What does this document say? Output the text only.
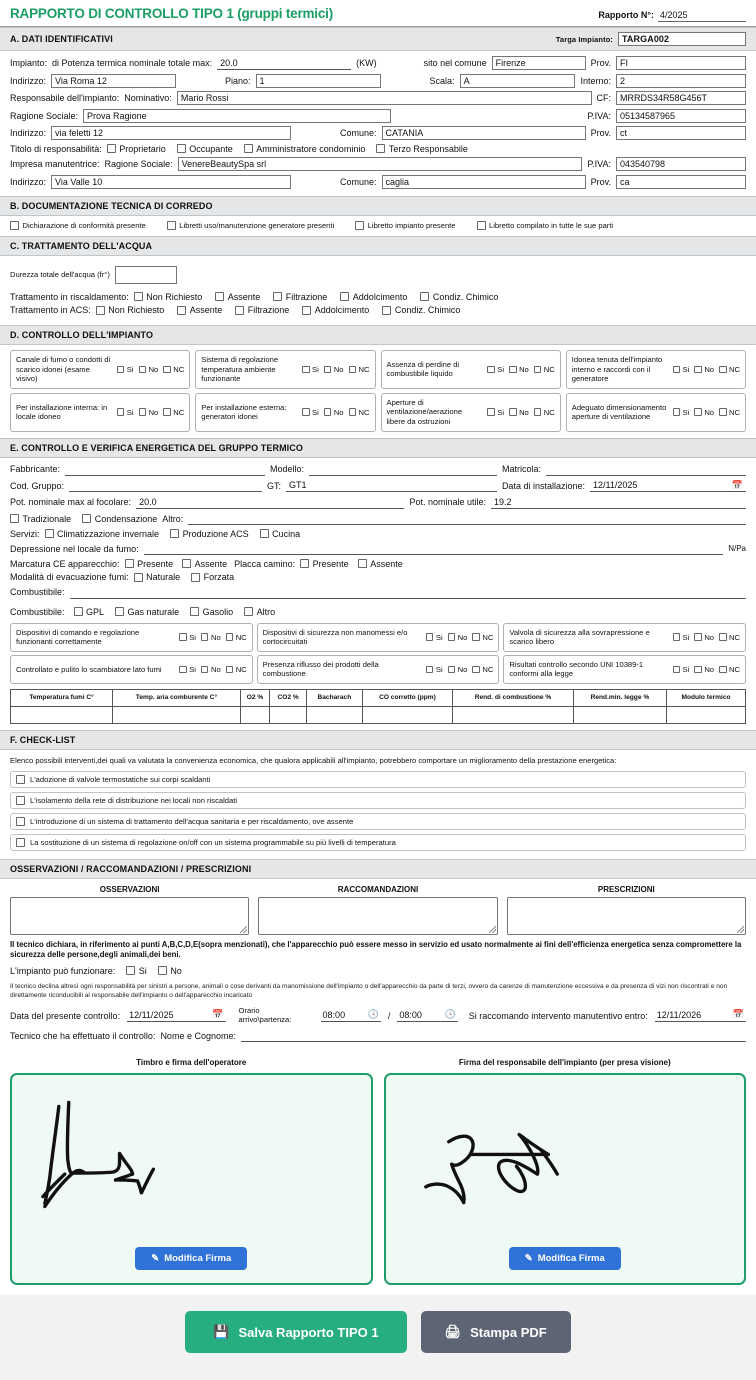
RAPPORTO DI CONTROLLO TIPO 1 (gruppi termici)	Rapporto N°: 4/2025
A. DATI IDENTIFICATIVI	Targa Impianto:	TARGA002
Impianto: di Potenza termica nominale totale max: 20.0	(KW)	sito nel comune	Firenze	Prov.	FI
Indirizzo:	Via Roma 12	Piano:	1	Scala:	A	Interno:	2
Responsabile dell'impianto: Nominativo:	Mario Rossi	CF:	MRRDS34R58G456T
Ragione Sociale:	Prova Ragione	P.IVA:	05134587965
Indirizzo:	via feletti 12	Comune:	CATANIA	Prov.	ct
Titolo di responsabilità: Proprietario	Occupante	Amministratore condominio	Terzo Responsabile
Impresa manutentrice: Ragione Sociale:	VenereBeautySpa srl	P.IVA:	043540798
Indirizzo:	Via Valle 10	Comune:	caglia	Prov.	ca
B. DOCUMENTAZIONE TECNICA DI CORREDO
Dichiarazione di conformità presente	Libretti uso/manutenzione generatore presenti	Libretto impianto presente	Libretto compilato in tutte le sue parti
C. TRATTAMENTO DELL'ACQUA
Durezza totale dell'acqua (fr°)
Trattamento in riscaldamento: Non Richiesto	Assente	Filtrazione	Addolcimento	Condiz. Chimico
Trattamento in ACS: Non Richiesto	Assente	Filtrazione	Addolcimento	Condiz. Chimico
D. CONTROLLO DELL'IMPIANTO
Canale di fumo o condotti di scarico idonei (esame visivo)
Si No NC
Sistema di regolazione temperatura ambiente funzionante
Si No NC
Assenza di perdine di combustibile liquido	Si No NC
Idonea tenuta dell'impianto interno e raccordi con il generatore
Si No NC
Per installazione interna: in locale idoneo	Si No NC
Per installazione esterna: generatori idonei	Si No NC
Aperture di ventilazione/aerazione libere da ostruzioni
Si No NC
Adeguato dimensionamento aperture di ventilazione	Si No NC
E. CONTROLLO E VERIFICA ENERGETICA DEL GRUPPO TERMICO
Fabbricante:	Modello:	Matricola:
Cod. Gruppo:	GT: GT1	Data di installazione: 12/11/2025	📅
Pot. nominale max al focolare: 20.0	Pot. nominale utile: 19.2
Tradizionale	Condensazione Altro:
Servizi: Climatizzazione invernale	Produzione ACS	Cucina
Depressione nel locale da fumo:	N/Pa
Marcatura CE apparecchio: Presente Assente Placca camino: Presente Assente
Modalità di evacuazione fumi: Naturale	Forzata
Combustibile:
Combustibile: GPL	Gas naturale	Gasolio	Altro
Dispositivi di comando e regolazione funzionanti correttamente	Si No NC
Dispositivi di sicurezza non manomessi e/o cortocircuitati	Si No NC
Valvola di sicurezza alla sovrapressione e scarico libero	Si No NC
Controllato e pulito lo scambiatore lato fumi	Si No NC
Presenza riflusso dei prodotti della combustione	Si No NC
Risultati controllo secondo UNI 10389-1 conformi alla legge	Si No NC
Temperatura fumi C°	Temp. aria comburente C°	O2 %	CO2 %	Bacharach	CO corretto (ppm)	Rend. di combustione %	Rend.min. legge %	Modulo termico

F. CHECK-LIST
Elenco possibili interventi,dei quali va valutata la convenienza economica, che qualora applicabili all'impianto, potrebbero comportare un miglioramento della prestazione energetica:
L'adozione di valvole termostatiche sui corpi scaldanti
L'isolamento della rete di distribuzione nei locali non riscaldati
L'introduzione di un sistema di trattamento dell'acqua sanitaria e per riscaldamento, ove assente
La sostituzione di un sistema di regolazione on/off con un sistema programmabile su più livelli di temperatura
OSSERVAZIONI / RACCOMANDAZIONI / PRESCRIZIONI
OSSERVAZIONI	RACCOMANDAZIONI	PRESCRIZIONI
Il tecnico dichiara, in riferimento ai punti A,B,C,D,E(sopra menzionati), che l'apparecchio può essere messo in servizio ed usato normalmente ai fini dell'efficienza energetica senza compromettere la sicurezza delle persone,degli animali,dei beni.
L'impianto può funzionare:	Si	No
Il tecnico declina altresì ogni responsabilità per sinistri a persone, animali o cose derivanti da manomissione dell'impianto o dell'apparecchio da parte di terzi, ovvero da carenze di manutenzione eccessiva e da presenza di vizi non riscontrati e non direttamente riconducibili al responsabile dell'impianto o dell'apparecchio incaricato
Data del presente controllo: 12/11/2025	📅 Orario arrivo\partenza:	08:00	🕓 / 08:00	🕓 Si raccomando intervento manutentivo entro: 12/11/2026	📅
Tecnico che ha effettuato il controllo: Nome e Cognome:
Timbro e firma dell'operatore
✎ Modifica Firma
Firma del responsabile dell'impianto (per presa visione)
✎ Modifica Firma
💾 Salva Rapporto TIPO 1	🖨 Stampa PDF
